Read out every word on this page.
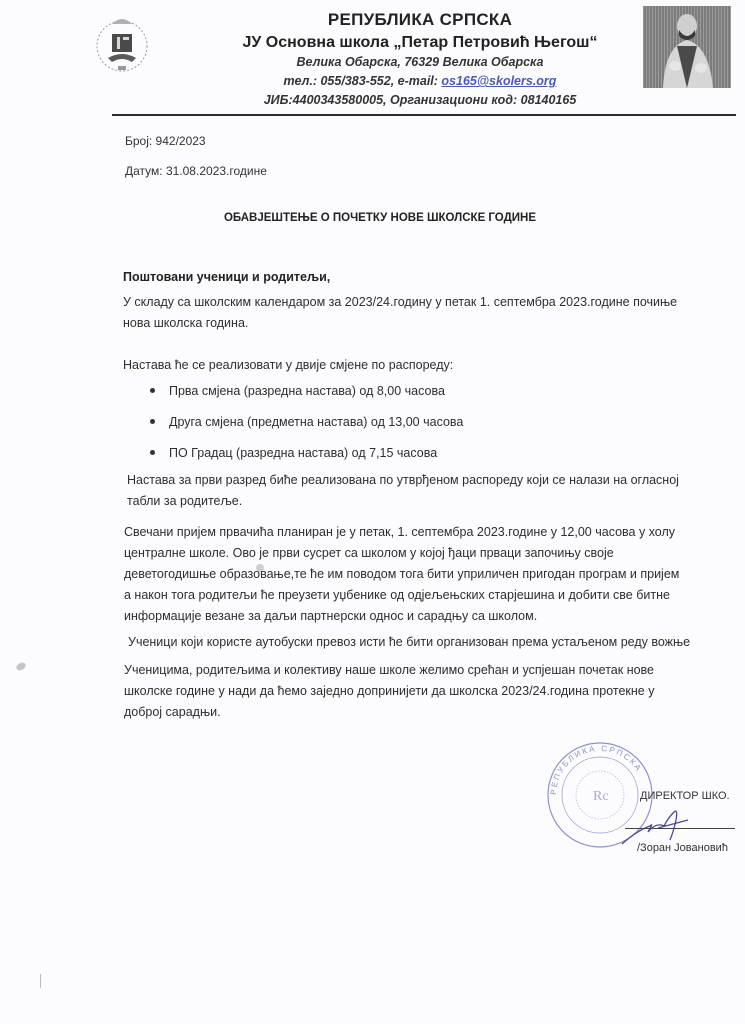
РЕПУБЛИКА СРПСКА
ЈУ Основна школа „Петар Петровић Његош“
Велика Обарска, 76329 Велика Обарска
тел.: 055/383-552, e-mail: os165@skolers.org
ЈИБ:4400343580005, Организациони код: 08140165
Број: 942/2023
Датум: 31.08.2023.године
ОБАВЈЕШТЕЊЕ О ПОЧЕТКУ НОВЕ ШКОЛСКЕ ГОДИНЕ
Поштовани ученици и родитељи,
У складу са школским календаром за 2023/24.годину у петак 1. септембра 2023.године почиње
нова школска година.
Настава ће се реализовати у двије смјене по распореду:
Прва смјена (разредна настава) од 8,00 часова
Друга смјена (предметна настава) од 13,00 часова
ПО Градац (разредна настава) од 7,15 часова
Настава за први разред биће реализована по утврђеном распореду који се налази на огласној
табли за родитеље.
Свечани пријем првачића планиран је у петак, 1. септембра 2023.године у 12,00 часова у холу
централне школе. Ово је први сусрет са школом у којој ђаци првaци започињу своје
деветогодишње образовање,те ће им поводом тога бити уприличен пригодан програм и пријем
а након тога родитељи ће преузети уџбенике од одјељењских старјешина и добити све битне
информације везане за даљи партнерски однос и сарадњу са школом.
Ученици који користе аутобуски превоз исти ће бити организован према устаљеном реду вожње
Ученицима, родитељима и колективу наше школе желимо срећан и успјешан почетак нове
школске године у нади да ћемо заједно допринијети да школска 2023/24.година протекне у
доброј сарадњи.
РЕПУБЛИКА СРПСКА
Rc	ДИРЕКТОР ШКО.
/Зоран Јовановић
